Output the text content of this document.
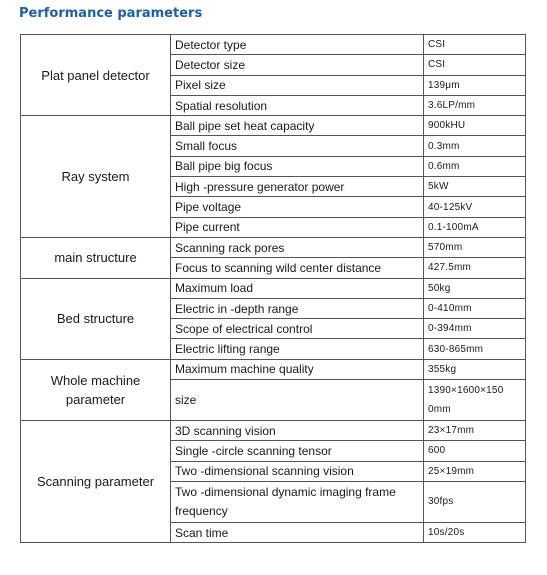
Performance parameters
Plat panel detector	Detector type	CSI
	Detector size	CSI
	Pixel size	139μm
	Spatial resolution	3.6LP/mm
Ray system	Ball pipe set heat capacity	900kHU
	Small focus	0.3mm
	Ball pipe big focus	0.6mm
	High -pressure generator power	5kW
	Pipe voltage	40-125kV
	Pipe current	0.1-100mA
main structure	Scanning rack pores	570mm
	Focus to scanning wild center distance	427.5mm
Bed structure	Maximum load	50kg
	Electric in -depth range	0-410mm
	Scope of electrical control	0-394mm
	Electric lifting range	630-865mm
Whole machine parameter	Maximum machine quality	355kg
	size	1390×1600×150 0mm
Scanning parameter	3D scanning vision	23×17mm
	Single -circle scanning tensor	600
	Two -dimensional scanning vision	25×19mm
	Two -dimensional dynamic imaging frame frequency	30fps
	Scan time	10s/20s
